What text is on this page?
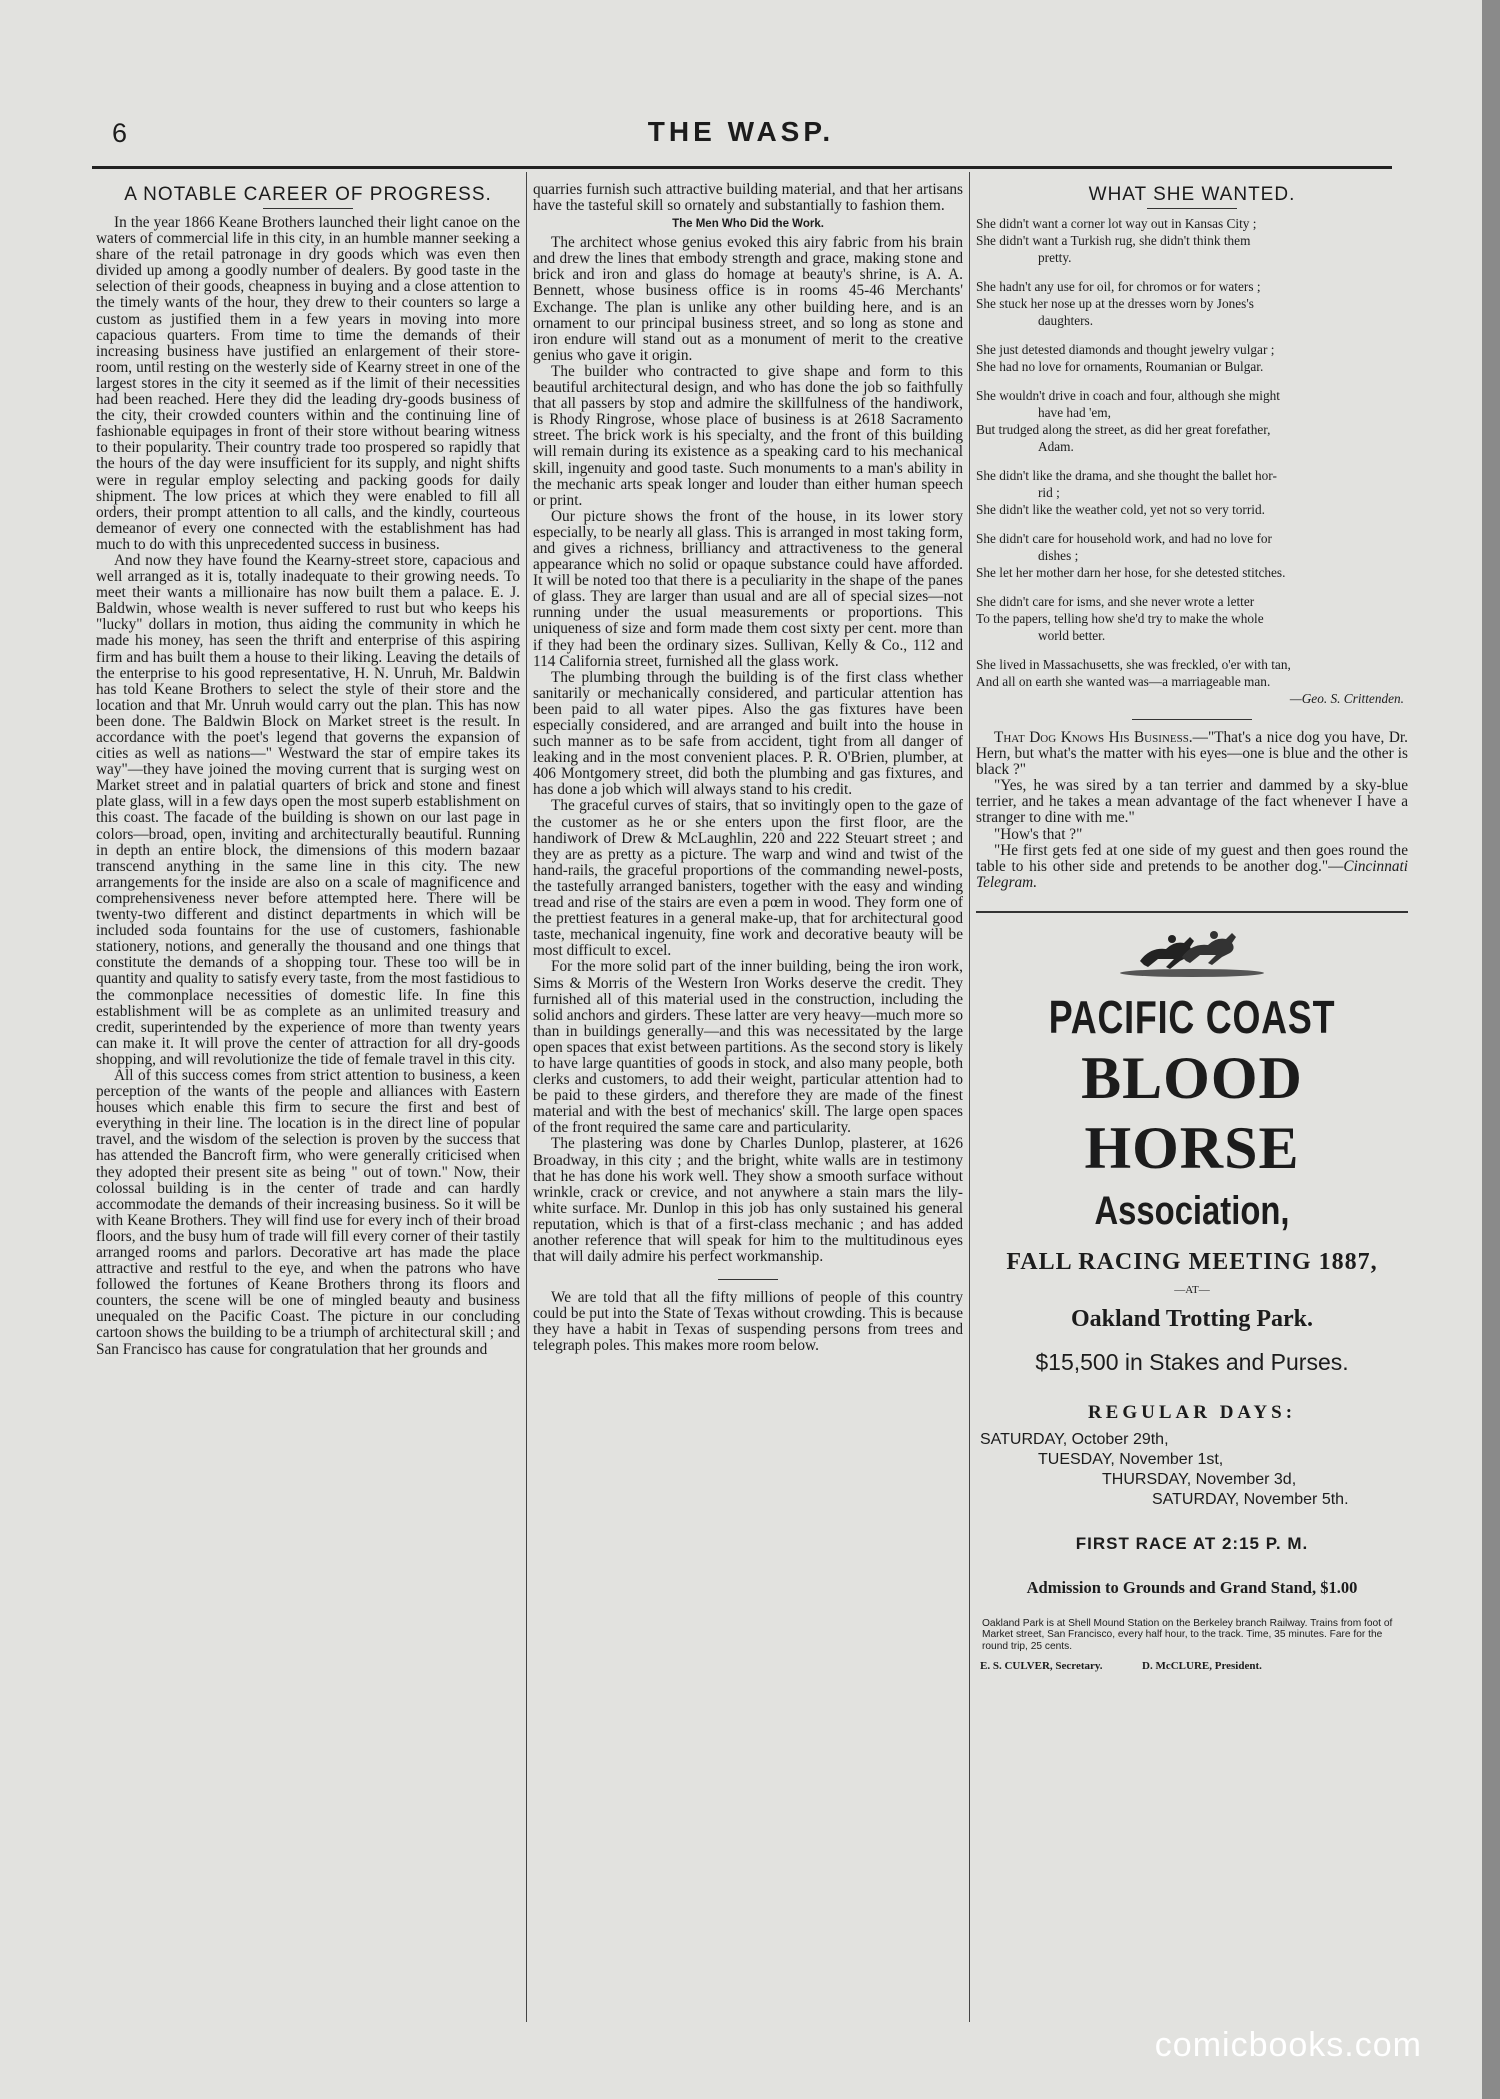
6	THE WASP.
A NOTABLE CAREER OF PROGRESS.

In the year 1866 Keane Brothers launched their light canoe on the waters of commercial life in this city, in an humble manner seeking a share of the retail patronage in dry goods which was even then divided up among a goodly number of dealers. By good taste in the selection of their goods, cheapness in buying and a close attention to the timely wants of the hour, they drew to their counters so large a custom as justified them in a few years in moving into more capacious quarters. From time to time the demands of their increasing business have justified an enlargement of their store-room, until resting on the westerly side of Kearny street in one of the largest stores in the city it seemed as if the limit of their necessities had been reached. Here they did the leading dry-goods business of the city, their crowded counters within and the continuing line of fashionable equipages in front of their store without bearing witness to their popularity. Their country trade too prospered so rapidly that the hours of the day were insufficient for its supply, and night shifts were in regular employ selecting and packing goods for daily shipment. The low prices at which they were enabled to fill all orders, their prompt attention to all calls, and the kindly, courteous demeanor of every one connected with the establishment has had much to do with this unprecedented success in business.

And now they have found the Kearny-street store, capacious and well arranged as it is, totally inadequate to their growing needs. To meet their wants a millionaire has now built them a palace. E. J. Baldwin, whose wealth is never suffered to rust but who keeps his "lucky" dollars in motion, thus aiding the community in which he made his money, has seen the thrift and enterprise of this aspiring firm and has built them a house to their liking. Leaving the details of the enterprise to his good representative, H. N. Unruh, Mr. Baldwin has told Keane Brothers to select the style of their store and the location and that Mr. Unruh would carry out the plan. This has now been done. The Baldwin Block on Market street is the result. In accordance with the poet's legend that governs the expansion of cities as well as nations—" Westward the star of empire takes its way"—they have joined the moving current that is surging west on Market street and in palatial quarters of brick and stone and finest plate glass, will in a few days open the most superb establishment on this coast. The facade of the building is shown on our last page in colors—broad, open, inviting and architecturally beautiful. Running in depth an entire block, the dimensions of this modern bazaar transcend anything in the same line in this city. The new arrangements for the inside are also on a scale of magnificence and comprehensiveness never before attempted here. There will be twenty-two different and distinct departments in which will be included soda fountains for the use of customers, fashionable stationery, notions, and generally the thousand and one things that constitute the demands of a shopping tour. These too will be in quantity and quality to satisfy every taste, from the most fastidious to the commonplace necessities of domestic life. In fine this establishment will be as complete as an unlimited treasury and credit, superintended by the experience of more than twenty years can make it. It will prove the center of attraction for all dry-goods shopping, and will revolutionize the tide of female travel in this city.

All of this success comes from strict attention to business, a keen perception of the wants of the people and alliances with Eastern houses which enable this firm to secure the first and best of everything in their line. The location is in the direct line of popular travel, and the wisdom of the selection is proven by the success that has attended the Bancroft firm, who were generally criticised when they adopted their present site as being " out of town." Now, their colossal building is in the center of trade and can hardly accommodate the demands of their increasing business. So it will be with Keane Brothers. They will find use for every inch of their broad floors, and the busy hum of trade will fill every corner of their tastily arranged rooms and parlors. Decorative art has made the place attractive and restful to the eye, and when the patrons who have followed the fortunes of Keane Brothers throng its floors and counters, the scene will be one of mingled beauty and business unequaled on the Pacific Coast. The picture in our concluding cartoon shows the building to be a triumph of architectural skill ; and San Francisco has cause for congratulation that her grounds and

quarries furnish such attractive building material, and that her artisans have the tasteful skill so ornately and substantially to fashion them.

The Men Who Did the Work.

The architect whose genius evoked this airy fabric from his brain and drew the lines that embody strength and grace, making stone and brick and iron and glass do homage at beauty's shrine, is A. A. Bennett, whose business office is in rooms 45-46 Merchants' Exchange. The plan is unlike any other building here, and is an ornament to our principal business street, and so long as stone and iron endure will stand out as a monument of merit to the creative genius who gave it origin.

The builder who contracted to give shape and form to this beautiful architectural design, and who has done the job so faithfully that all passers by stop and admire the skillfulness of the handiwork, is Rhody Ringrose, whose place of business is at 2618 Sacramento street. The brick work is his specialty, and the front of this building will remain during its existence as a speaking card to his mechanical skill, ingenuity and good taste. Such monuments to a man's ability in the mechanic arts speak longer and louder than either human speech or print.

Our picture shows the front of the house, in its lower story especially, to be nearly all glass. This is arranged in most taking form, and gives a richness, brilliancy and attractiveness to the general appearance which no solid or opaque substance could have afforded. It will be noted too that there is a peculiarity in the shape of the panes of glass. They are larger than usual and are all of special sizes—not running under the usual measurements or proportions. This uniqueness of size and form made them cost sixty per cent. more than if they had been the ordinary sizes. Sullivan, Kelly & Co., 112 and 114 California street, furnished all the glass work.

The plumbing through the building is of the first class whether sanitarily or mechanically considered, and particular attention has been paid to all water pipes. Also the gas fixtures have been especially considered, and are arranged and built into the house in such manner as to be safe from accident, tight from all danger of leaking and in the most convenient places. P. R. O'Brien, plumber, at 406 Montgomery street, did both the plumbing and gas fixtures, and has done a job which will always stand to his credit.

The graceful curves of stairs, that so invitingly open to the gaze of the customer as he or she enters upon the first floor, are the handiwork of Drew & McLaughlin, 220 and 222 Steuart street ; and they are as pretty as a picture. The warp and wind and twist of the hand-rails, the graceful proportions of the commanding newel-posts, the tastefully arranged banisters, together with the easy and winding tread and rise of the stairs are even a pœm in wood. They form one of the prettiest features in a general make-up, that for architectural good taste, mechanical ingenuity, fine work and decorative beauty will be most difficult to excel.

For the more solid part of the inner building, being the iron work, Sims & Morris of the Western Iron Works deserve the credit. They furnished all of this material used in the construction, including the solid anchors and girders. These latter are very heavy—much more so than in buildings generally—and this was necessitated by the large open spaces that exist between partitions. As the second story is likely to have large quantities of goods in stock, and also many people, both clerks and customers, to add their weight, particular attention had to be paid to these girders, and therefore they are made of the finest material and with the best of mechanics' skill. The large open spaces of the front required the same care and particularity.

The plastering was done by Charles Dunlop, plasterer, at 1626 Broadway, in this city ; and the bright, white walls are in testimony that he has done his work well. They show a smooth surface without wrinkle, crack or crevice, and not anywhere a stain mars the lily-white surface. Mr. Dunlop in this job has only sustained his general reputation, which is that of a first-class mechanic ; and has added another reference that will speak for him to the multitudinous eyes that will daily admire his perfect workmanship.

We are told that all the fifty millions of people of this country could be put into the State of Texas without crowding. This is because they have a habit in Texas of suspending persons from trees and telegraph poles. This makes more room below.

WHAT SHE WANTED.
She didn't want a corner lot way out in Kansas City ;
She didn't want a Turkish rug, she didn't think them
pretty.
She hadn't any use for oil, for chromos or for waters ;
She stuck her nose up at the dresses worn by Jones's
daughters.
She just detested diamonds and thought jewelry vulgar ;
She had no love for ornaments, Roumanian or Bulgar.
She wouldn't drive in coach and four, although she might
have had 'em,
But trudged along the street, as did her great forefather,
Adam.
She didn't like the drama, and she thought the ballet hor-
rid ;
She didn't like the weather cold, yet not so very torrid.
She didn't care for household work, and had no love for
dishes ;
She let her mother darn her hose, for she detested stitches.
She didn't care for isms, and she never wrote a letter
To the papers, telling how she'd try to make the whole
world better.
She lived in Massachusetts, she was freckled, o'er with tan,
And all on earth she wanted was—a marriageable man.
—Geo. S. Crittenden.

That Dog Knows His Business.—"That's a nice dog you have, Dr. Hern, but what's the matter with his eyes—one is blue and the other is black ?"

"Yes, he was sired by a tan terrier and dammed by a sky-blue terrier, and he takes a mean advantage of the fact whenever I have a stranger to dine with me."

"How's that ?"

"He first gets fed at one side of my guest and then goes round the table to his other side and pretends to be another dog."—Cincinnati Telegram.

PACIFIC COAST
BLOOD HORSE
Association,
FALL RACING MEETING 1887,
—AT—
Oakland Trotting Park.
$15,500 in Stakes and Purses.
REGULAR DAYS:
SATURDAY, October 29th,
TUESDAY, November 1st,
THURSDAY, November 3d,
SATURDAY, November 5th.
FIRST RACE AT 2:15 P. M.
Admission to Grounds and Grand Stand, $1.00
Oakland Park is at Shell Mound Station on the Berkeley branch Railway. Trains from foot of Market street, San Francisco, every half hour, to the track. Time, 35 minutes. Fare for the round trip, 25 cents.
E. S. CULVER, Secretary.	D. McCLURE, President.
comicbooks.com
